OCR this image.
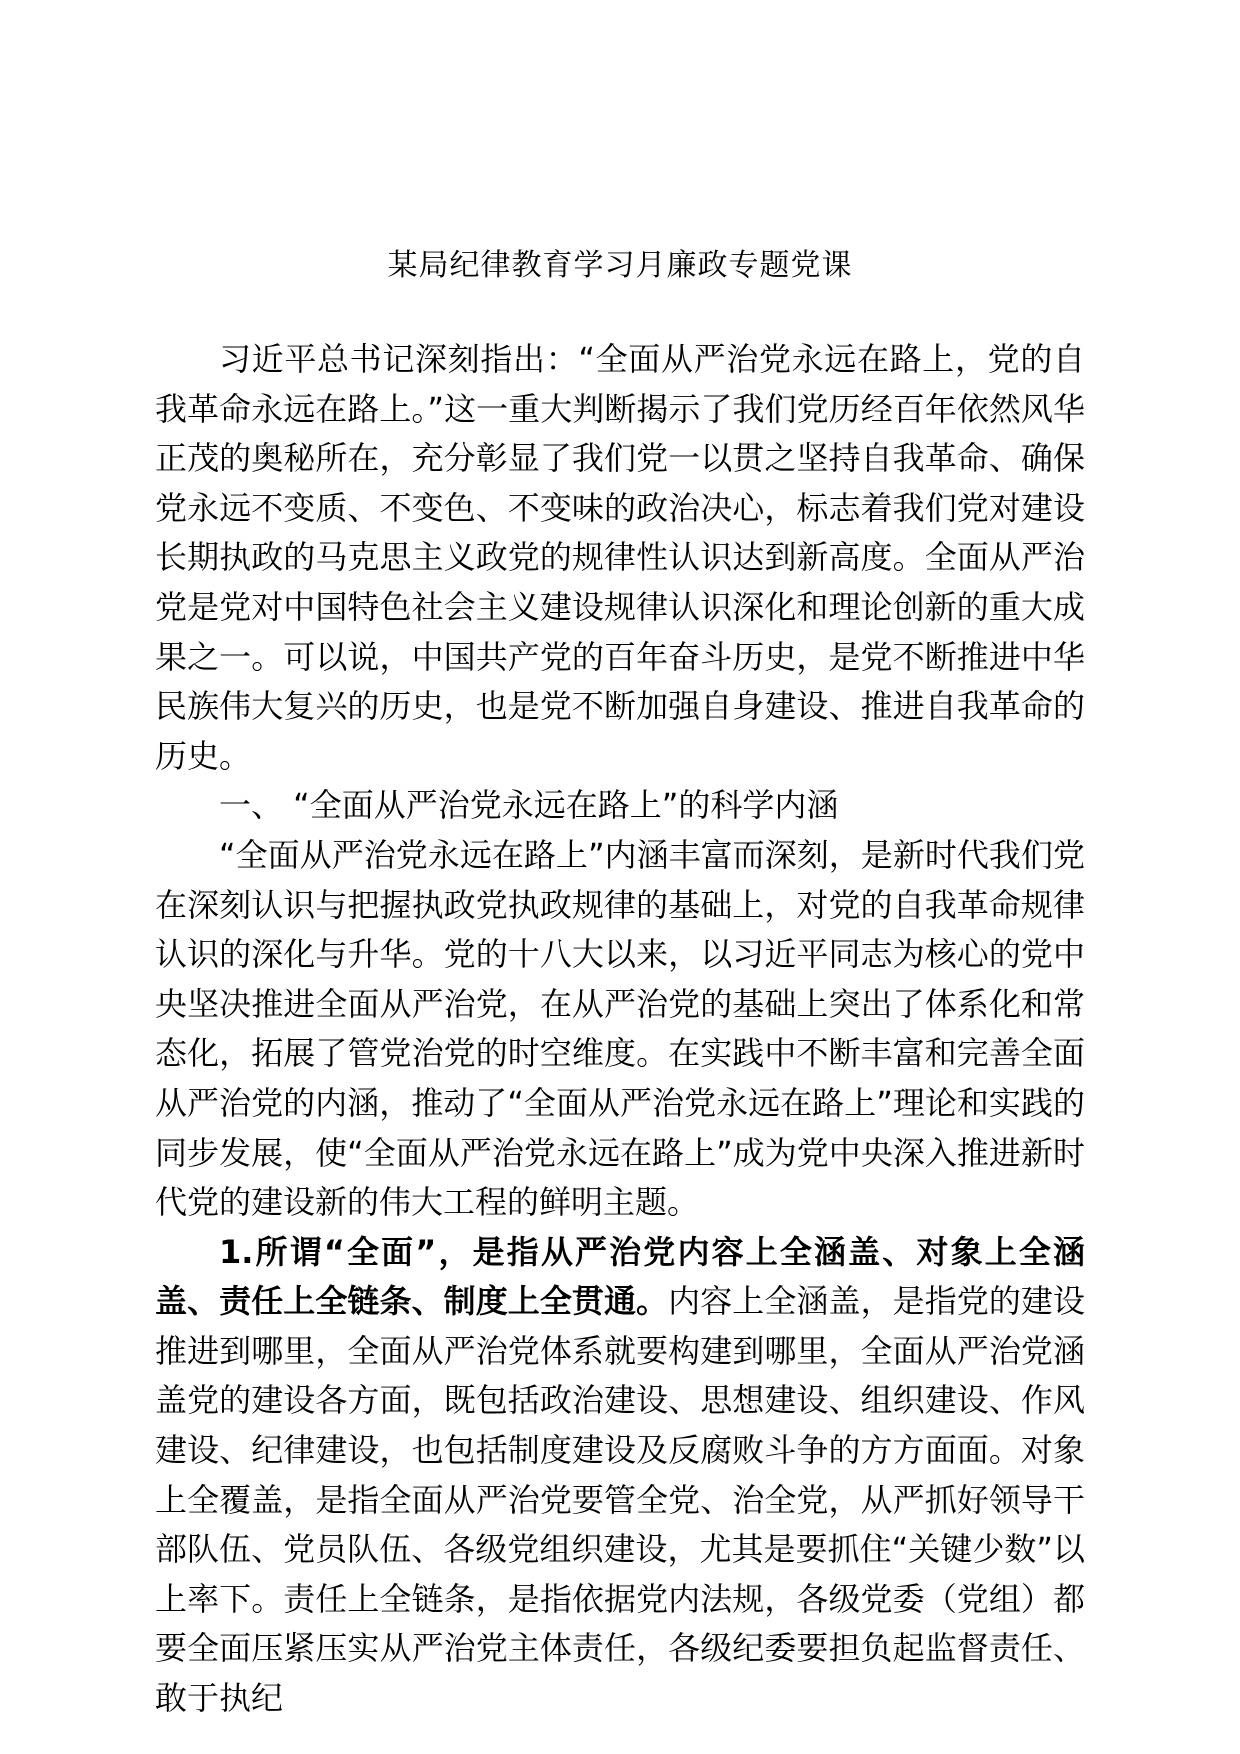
某局纪律教育学习月廉政专题党课

习近平总书记深刻指出：“全面从严治党永远在路上，党的自我革命永远在路上。”这一重大判断揭示了我们党历经百年依然风华正茂的奥秘所在，充分彰显了我们党一以贯之坚持自我革命、确保党永远不变质、不变色、不变味的政治决心，标志着我们党对建设长期执政的马克思主义政党的规律性认识达到新高度。全面从严治党是党对中国特色社会主义建设规律认识深化和理论创新的重大成果之一。可以说，中国共产党的百年奋斗历史，是党不断推进中华民族伟大复兴的历史，也是党不断加强自身建设、推进自我革命的历史。

一、 “全面从严治党永远在路上”的科学内涵

“全面从严治党永远在路上”内涵丰富而深刻，是新时代我们党在深刻认识与把握执政党执政规律的基础上，对党的自我革命规律认识的深化与升华。党的十八大以来，以习近平同志为核心的党中央坚决推进全面从严治党，在从严治党的基础上突出了体系化和常态化，拓展了管党治党的时空维度。在实践中不断丰富和完善全面从严治党的内涵，推动了“全面从严治党永远在路上”理论和实践的同步发展，使“全面从严治党永远在路上”成为党中央深入推进新时代党的建设新的伟大工程的鲜明主题。

1.所谓“全面”，是指从严治党内容上全涵盖、对象上全涵盖、责任上全链条、制度上全贯通。内容上全涵盖，是指党的建设推进到哪里，全面从严治党体系就要构建到哪里，全面从严治党涵盖党的建设各方面，既包括政治建设、思想建设、组织建设、作风建设、纪律建设，也包括制度建设及反腐败斗争的方方面面。对象上全覆盖，是指全面从严治党要管全党、治全党，从严抓好领导干部队伍、党员队伍、各级党组织建设，尤其是要抓住“关键少数”以上率下。责任上全链条，是指依据党内法规，各级党委（党组）都要全面压紧压实从严治党主体责任，各级纪委要担负起监督责任、敢于执纪
